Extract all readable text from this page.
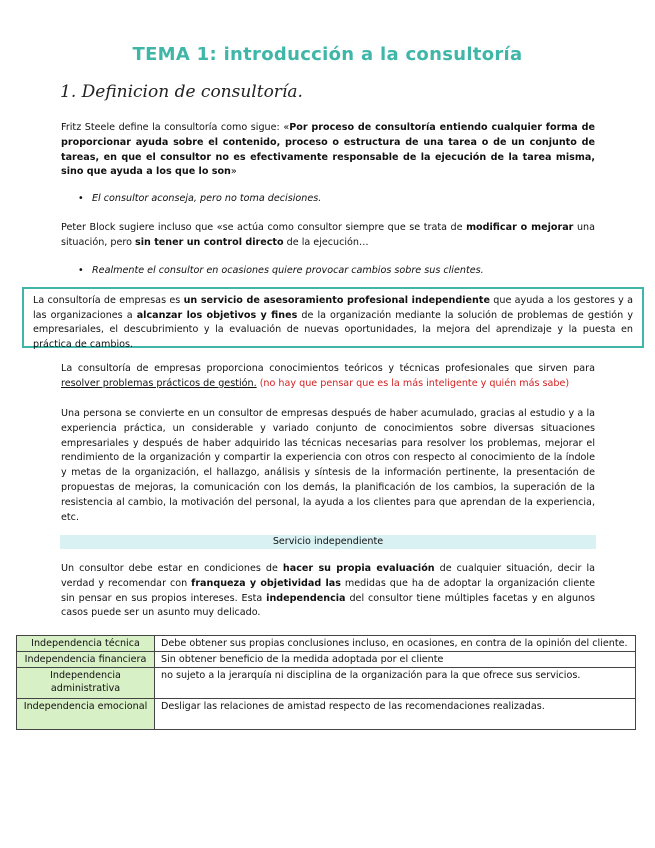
TEMA 1: introducción a la consultoría
1. Definicion de consultoría.
Fritz Steele define la consultoría como sigue: «Por proceso de consultoría entiendo cualquier forma de proporcionar ayuda sobre el contenido, proceso o estructura de una tarea o de un conjunto de tareas, en que el consultor no es efectivamente responsable de la ejecución de la tarea misma, sino que ayuda a los que lo son»
• El consultor aconseja, pero no toma decisiones.
Peter Block sugiere incluso que «se actúa como consultor siempre que se trata de modificar o mejorar una situación, pero sin tener un control directo de la ejecución…
• Realmente el consultor en ocasiones quiere provocar cambios sobre sus clientes.
La consultoría de empresas es un servicio de asesoramiento profesional independiente que ayuda a los gestores y a las organizaciones a alcanzar los objetivos y fines de la organización mediante la solución de problemas de gestión y empresariales, el descubrimiento y la evaluación de nuevas oportunidades, la mejora del aprendizaje y la puesta en práctica de cambios.
La consultoría de empresas proporciona conocimientos teóricos y técnicas profesionales que sirven para resolver problemas prácticos de gestión. (no hay que pensar que es la más inteligente y quién más sabe)
Una persona se convierte en un consultor de empresas después de haber acumulado, gracias al estudio y a la experiencia práctica, un considerable y variado conjunto de conocimientos sobre diversas situaciones empresariales y después de haber adquirido las técnicas necesarias para resolver los problemas, mejorar el rendimiento de la organización y compartir la experiencia con otros con respecto al conocimiento de la índole y metas de la organización, el hallazgo, análisis y síntesis de la información pertinente, la presentación de propuestas de mejoras, la comunicación con los demás, la planificación de los cambios, la superación de la resistencia al cambio, la motivación del personal, la ayuda a los clientes para que aprendan de la experiencia, etc.
Servicio independiente
Un consultor debe estar en condiciones de hacer su propia evaluación de cualquier situación, decir la verdad y recomendar con franqueza y objetividad las medidas que ha de adoptar la organización cliente sin pensar en sus propios intereses. Esta independencia del consultor tiene múltiples facetas y en algunos casos puede ser un asunto muy delicado.
Independencia técnica	Debe obtener sus propias conclusiones incluso, en ocasiones, en contra de la opinión del cliente.
Independencia financiera	Sin obtener beneficio de la medida adoptada por el cliente
Independencia administrativa	no sujeto a la jerarquía ni disciplina de la organización para la que ofrece sus servicios.
Independencia emocional	Desligar las relaciones de amistad respecto de las recomendaciones realizadas.
